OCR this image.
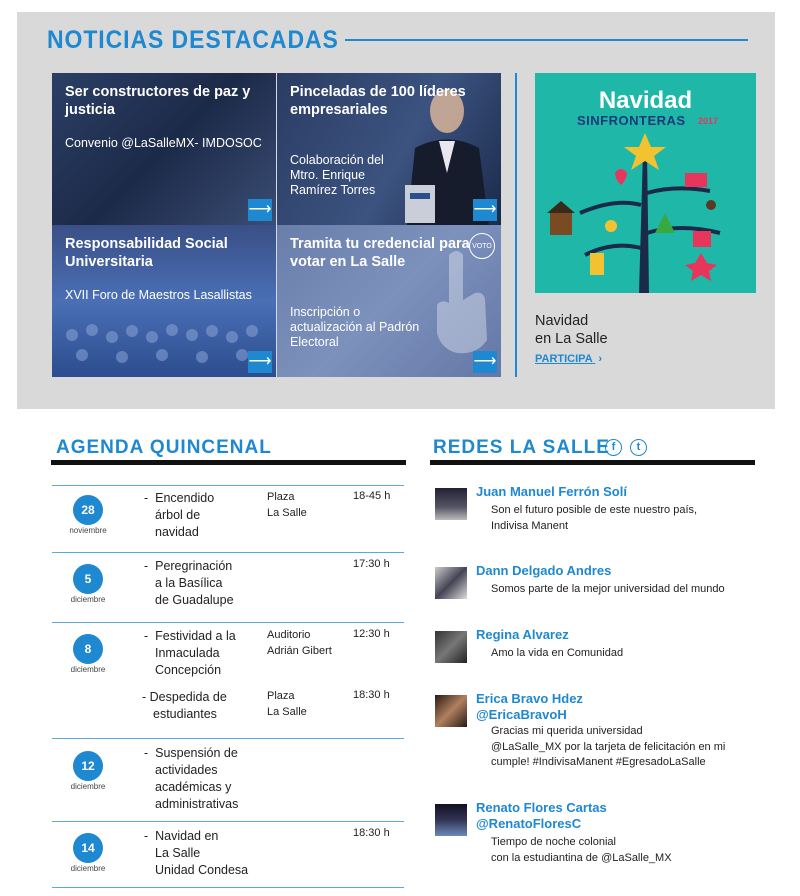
NOTICIAS DESTACADAS
Ser constructores de paz y justicia

Convenio @LaSalleMX- IMDOSOC

⟶
Pinceladas de 100 líderes empresariales

Colaboración del Mtro. Enrique Ramírez Torres

⟶
Responsabilidad Social Universitaria

XVII Foro de Maestros Lasallistas

⟶
VOTO
Tramita tu credencial para votar en La Salle

Inscripción o actualización al Padrón Electoral

⟶
Navidad
SINFRONTERAS 2017
Navidad
en La Salle
PARTICIPA ›
AGENDA QUINCENAL
28
noviembre
-  Encendido
árbol de
navidad
Plaza
La Salle
18-45 h
5
diciembre
-  Peregrinación
a la Basílica
de Guadalupe
17:30 h
8
diciembre
-  Festividad a la
Inmaculada
Concepción
Auditorio
Adrián Gibert
12:30 h
- Despedida de
estudiantes
Plaza
La Salle
18:30 h
12
diciembre
-  Suspensión de
actividades
académicas y
administrativas
14
diciembre
-  Navidad en
La Salle
Unidad Condesa
18:30 h
REDES LA SALLE f	t
Juan Manuel Ferrón Solí
Son el futuro posible de este nuestro país,
Indivisa Manent
Dann Delgado Andres
Somos parte de la mejor universidad del mundo
Regina Alvarez
Amo la vida en Comunidad
Erica Bravo Hdez
@EricaBravoH
Gracias mi querida universidad
@LaSalle_MX por la tarjeta de felicitación en mi
cumple! #IndivisaManent #EgresadoLaSalle
Renato Flores Cartas
@RenatoFloresC
Tiempo de noche colonial
con la estudiantina de @LaSalle_MX
